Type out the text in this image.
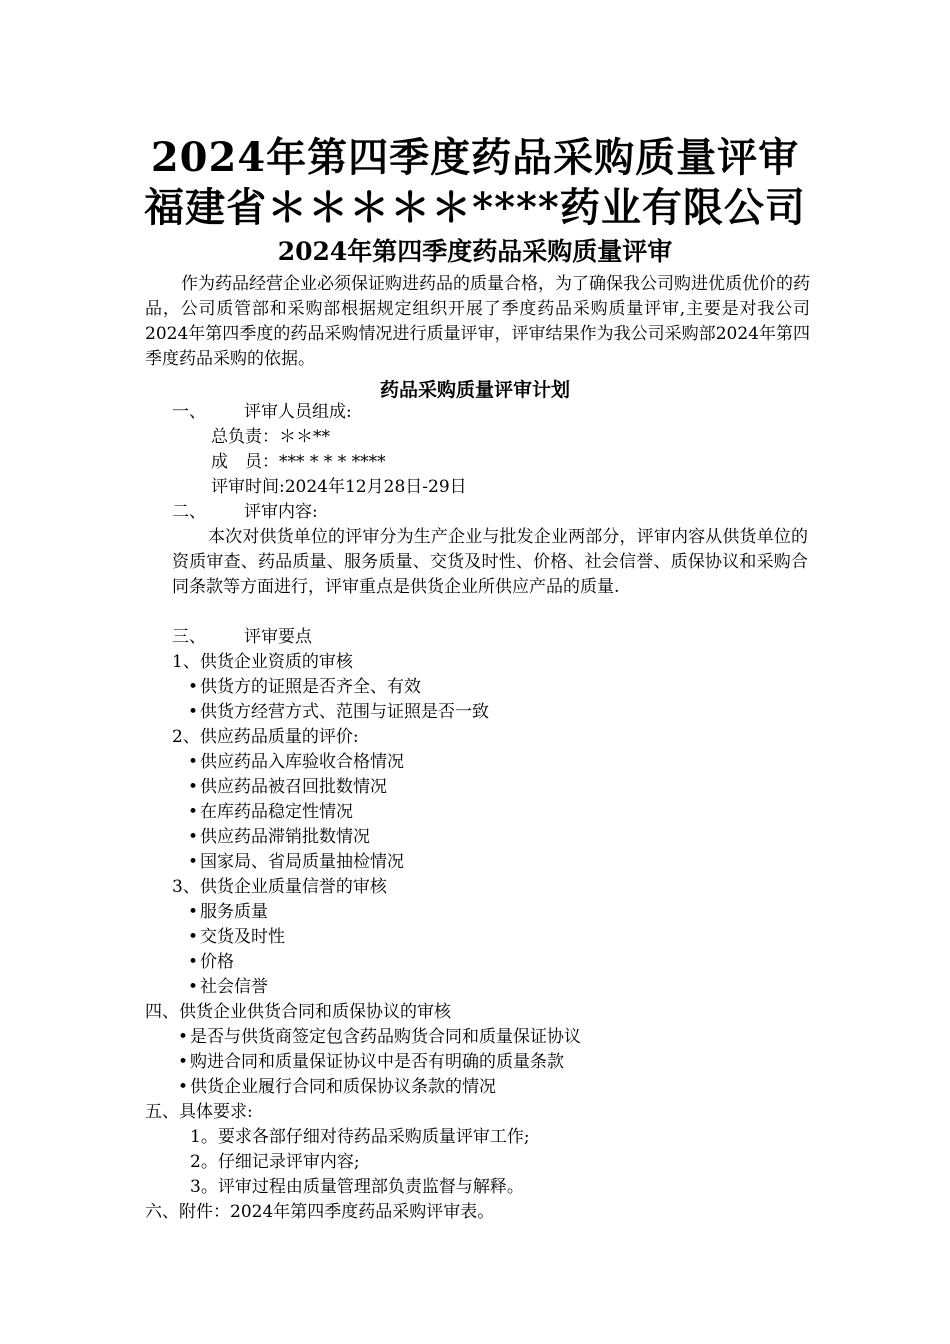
2024年第四季度药品采购质量评审
福建省＊＊＊＊＊****药业有限公司
2024年第四季度药品采购质量评审
作为药品经营企业必须保证购进药品的质量合格，为了确保我公司购进优质优价的药品，公司质管部和采购部根据规定组织开展了季度药品采购质量评审,主要是对我公司2024年第四季度的药品采购情况进行质量评审，评审结果作为我公司采购部2024年第四季度药品采购的依据。
药品采购质量评审计划
一、 评审人员组成:
总负责：＊＊**
成　员：*** * * * ****
评审时间:2024年12月28日-29日
二、 评审内容:
本次对供货单位的评审分为生产企业与批发企业两部分，评审内容从供货单位的资质审查、药品质量、服务质量、交货及时性、价格、社会信誉、质保协议和采购合同条款等方面进行，评审重点是供货企业所供应产品的质量.
三、 评审要点
1、供货企业资质的审核
• 供货方的证照是否齐全、有效
• 供货方经营方式、范围与证照是否一致
2、供应药品质量的评价:
• 供应药品入库验收合格情况
• 供应药品被召回批数情况
• 在库药品稳定性情况
• 供应药品滞销批数情况
• 国家局、省局质量抽检情况
3、供货企业质量信誉的审核
• 服务质量
• 交货及时性
• 价格
• 社会信誉
四、供货企业供货合同和质保协议的审核
• 是否与供货商签定包含药品购货合同和质量保证协议
• 购进合同和质量保证协议中是否有明确的质量条款
• 供货企业履行合同和质保协议条款的情况
五、具体要求:
1。要求各部仔细对待药品采购质量评审工作;
2。仔细记录评审内容;
3。评审过程由质量管理部负责监督与解释。
六、附件：2024年第四季度药品采购评审表。
